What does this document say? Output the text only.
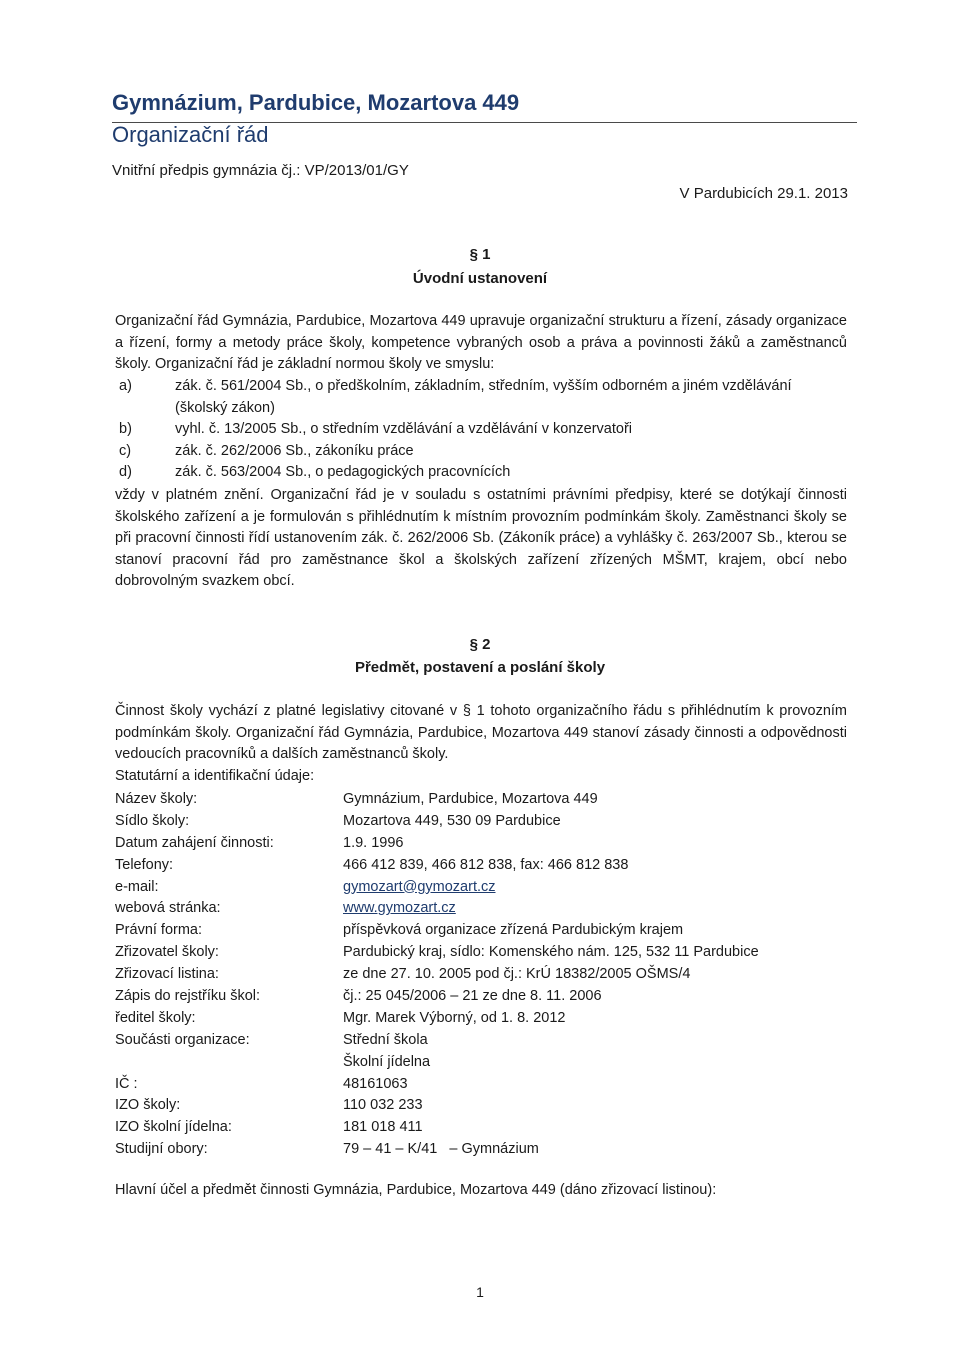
Gymnázium, Pardubice, Mozartova 449
Organizační řád
Vnitřní předpis gymnázia čj.: VP/2013/01/GY
V Pardubicích 29.1. 2013
§ 1
Úvodní ustanovení

Organizační řád Gymnázia, Pardubice, Mozartova 449 upravuje organizační strukturu a řízení, zásady organizace a řízení, formy a metody práce školy, kompetence vybraných osob a práva a povinnosti žáků a zaměstnanců školy. Organizační řád je základní normou školy ve smyslu:

a)	zák. č. 561/2004 Sb., o předškolním, základním, středním, vyšším odborném a jiném vzdělávání (školský zákon)
b)	vyhl. č. 13/2005 Sb., o středním vzdělávání a vzdělávání v konzervatoři
c)	zák. č. 262/2006 Sb., zákoníku práce
d)	zák. č. 563/2004 Sb., o pedagogických pracovnících

vždy v platném znění. Organizační řád je v souladu s ostatními právními předpisy, které se dotýkají činnosti školského zařízení a je formulován s přihlédnutím k místním provozním podmínkám školy. Zaměstnanci školy se při pracovní činnosti řídí ustanovením zák. č. 262/2006 Sb. (Zákoník práce) a vyhlášky č. 263/2007 Sb., kterou se stanoví pracovní řád pro zaměstnance škol a školských zařízení zřízených MŠMT, krajem, obcí nebo dobrovolným svazkem obcí.

§ 2
Předmět, postavení a poslání školy

Činnost školy vychází z platné legislativy citované v § 1 tohoto organizačního řádu s přihlédnutím k provozním podmínkám školy. Organizační řád Gymnázia, Pardubice, Mozartova 449 stanoví zásady činnosti a odpovědnosti vedoucích pracovníků a dalších zaměstnanců školy.

Statutární a identifikační údaje:
Název školy:	Gymnázium, Pardubice, Mozartova 449
Sídlo školy:	Mozartova 449, 530 09 Pardubice
Datum zahájení činnosti:	1.9. 1996
Telefony:	466 412 839, 466 812 838, fax: 466 812 838
e-mail:	gymozart@gymozart.cz
webová stránka:	www.gymozart.cz
Právní forma:	příspěvková organizace zřízená Pardubickým krajem
Zřizovatel školy:	Pardubický kraj, sídlo: Komenského nám. 125, 532 11 Pardubice
Zřizovací listina:	ze dne 27. 10. 2005 pod čj.: KrÚ 18382/2005 OŠMS/4
Zápis do rejstříku škol:	čj.: 25 045/2006 – 21 ze dne 8. 11. 2006
ředitel školy:	Mgr. Marek Výborný, od 1. 8. 2012
Součásti organizace:	Střední škola
Školní jídelna
IČ :	48161063
IZO školy:	110 032 233
IZO školní jídelna:	181 018 411
Studijní obory:	79 – 41 – K/41   – Gymnázium
Hlavní účel a předmět činnosti Gymnázia, Pardubice, Mozartova 449 (dáno zřizovací listinou):
1
